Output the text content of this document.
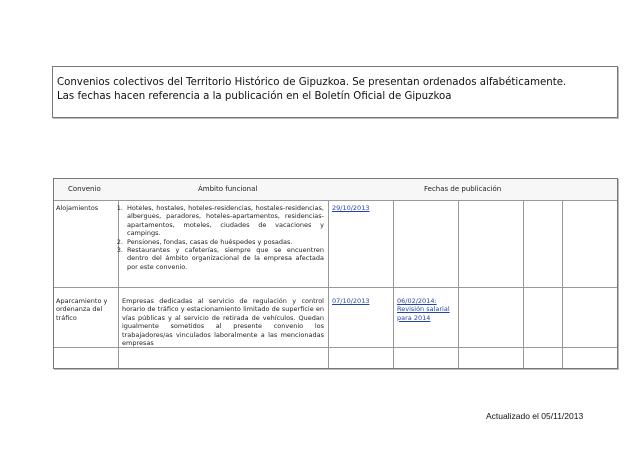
Convenios colectivos del Territorio Histórico de Gipuzkoa. Se presentan ordenados alfabéticamente.

Las fechas hacen referencia a la publicación en el Boletín Oficial de Gipuzkoa

Convenio	Ámbito funcional	Fechas de publicación
Alojamientos
1.	Hoteles, hostales, hoteles-residencias, hostales-residencias, albergues, paradores, hoteles-apartamentos, residencias-apartamentos, moteles, ciudades de vacaciones y campings.
2. Pensiones, fondas, casas de huéspedes y posadas.
3. Restaurantes y cafeterías, siempre que se encuentren dentro del ámbito organizacional de la empresa afectada por este convenio.
29/10/2013
Aparcamiento y ordenanza del tráfico
Empresas dedicadas al servicio de regulación y control horario de tráfico y estacionamiento limitado de superficie en vías públicas y al servicio de retirada de vehículos. Quedan igualmente sometidos al presente convenio los trabajadores/as vinculados laboralmente a las mencionadas empresas
07/10/2013	06/02/2014: Revisión salarial para 2014
Actualizado el 05/11/2013
